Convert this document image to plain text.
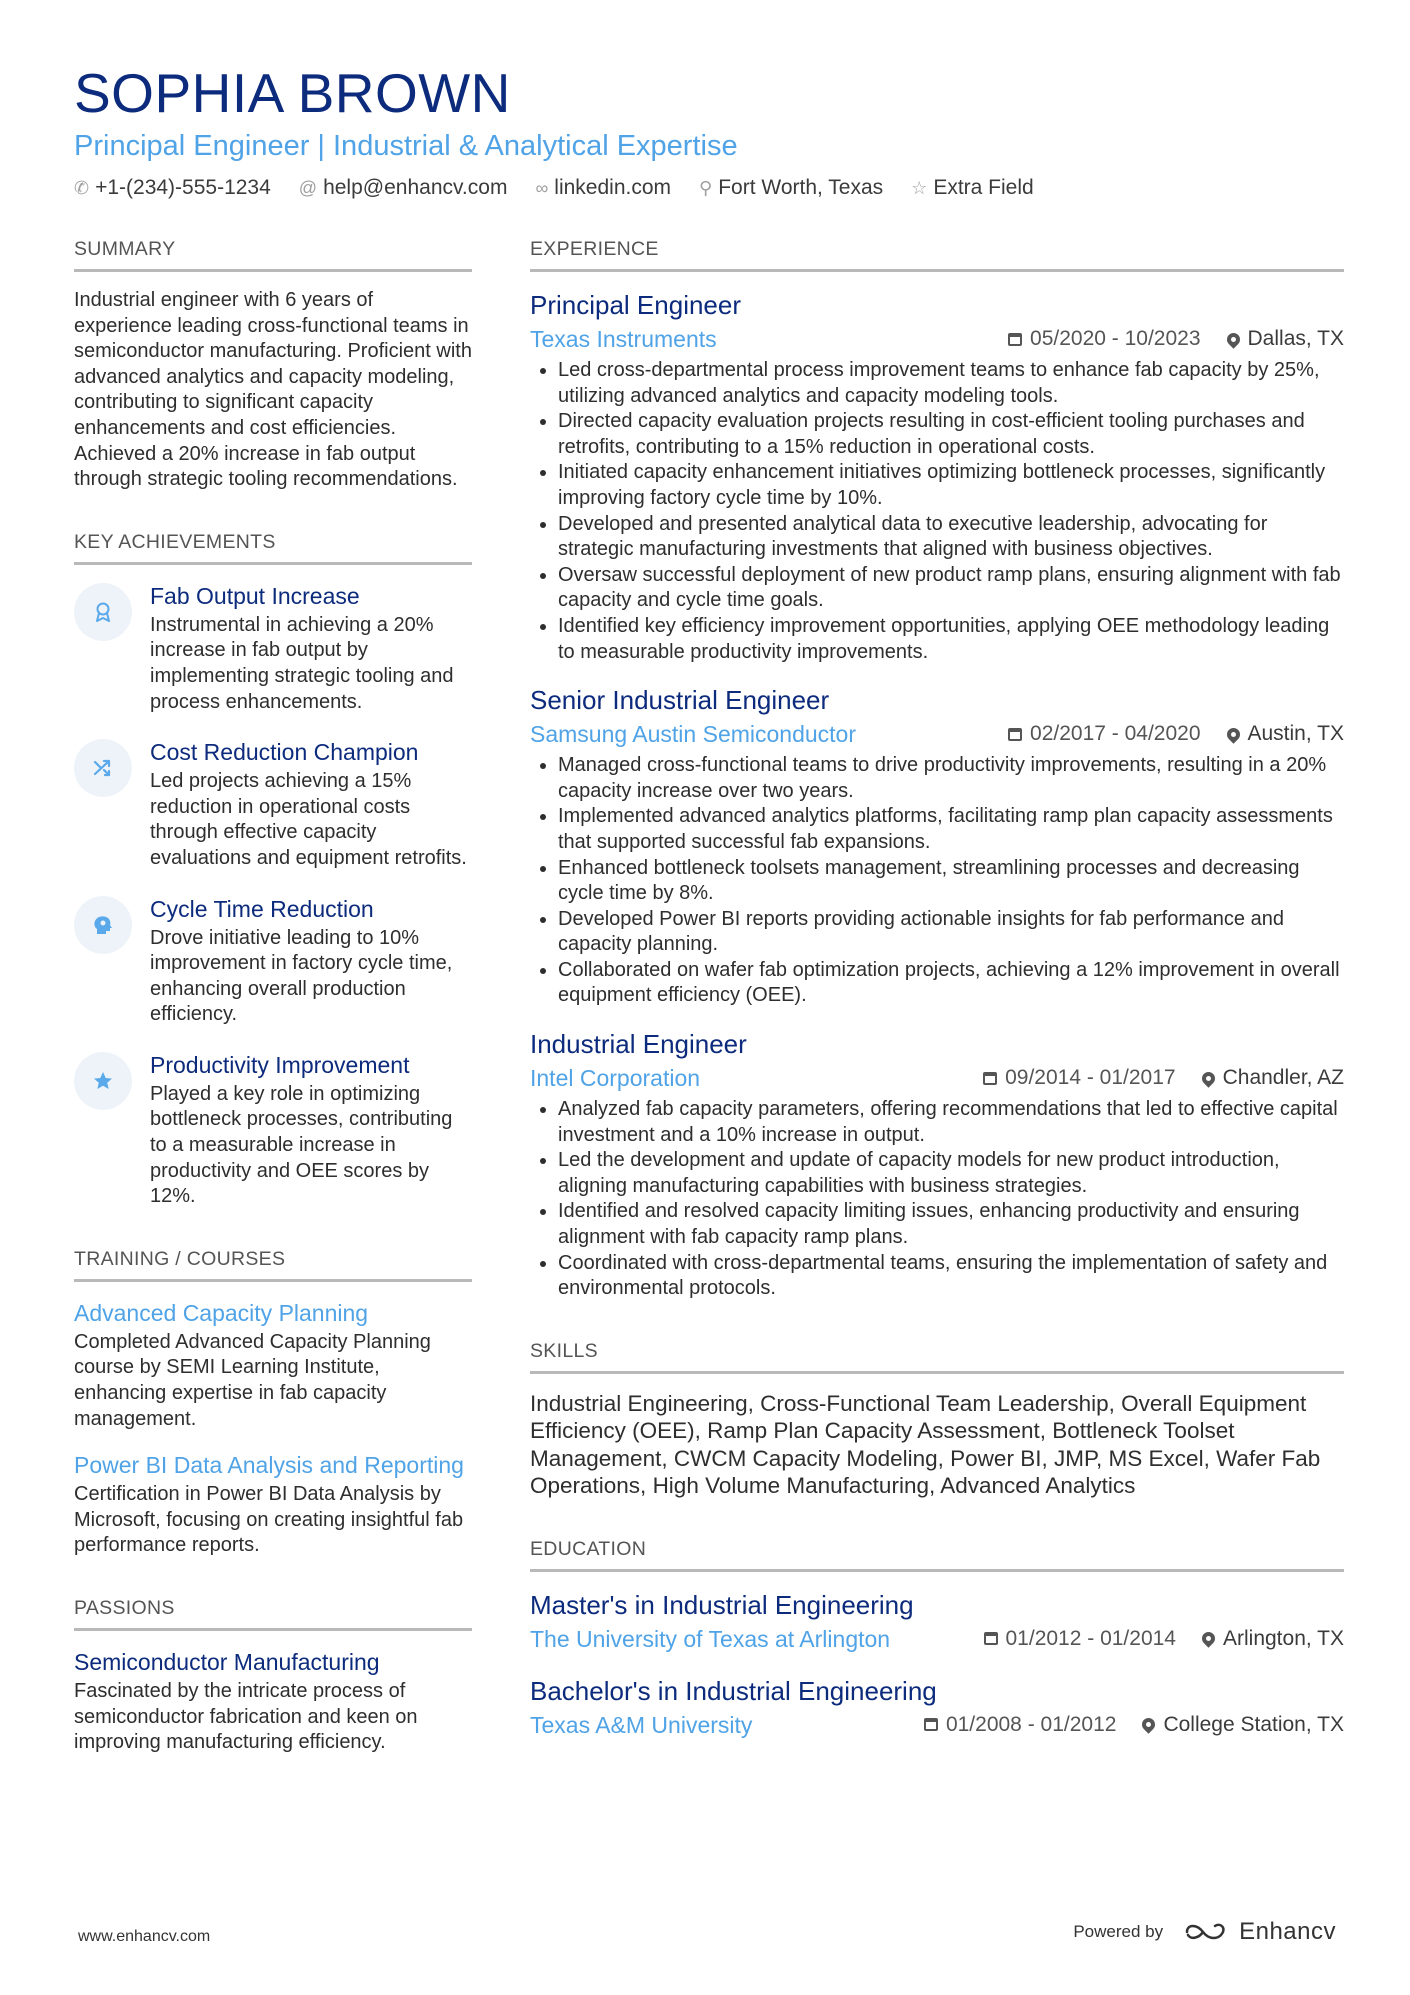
SOPHIA BROWN
Principal Engineer | Industrial & Analytical Expertise
✆ +1-(234)-555-1234 @ help@enhancv.com ∞ linkedin.com ⚲ Fort Worth, Texas ☆ Extra Field
SUMMARY
Industrial engineer with 6 years of experience leading cross-functional teams in semiconductor manufacturing. Proficient with advanced analytics and capacity modeling, contributing to significant capacity enhancements and cost efficiencies. Achieved a 20% increase in fab output through strategic tooling recommendations.
KEY ACHIEVEMENTS
Fab Output Increase
Instrumental in achieving a 20% increase in fab output by implementing strategic tooling and process enhancements.
Cost Reduction Champion
Led projects achieving a 15% reduction in operational costs through effective capacity evaluations and equipment retrofits.
Cycle Time Reduction
Drove initiative leading to 10% improvement in factory cycle time, enhancing overall production efficiency.
Productivity Improvement
Played a key role in optimizing bottleneck processes, contributing to a measurable increase in productivity and OEE scores by 12%.
TRAINING / COURSES
Advanced Capacity Planning
Completed Advanced Capacity Planning course by SEMI Learning Institute, enhancing expertise in fab capacity management.
Power BI Data Analysis and Reporting
Certification in Power BI Data Analysis by Microsoft, focusing on creating insightful fab performance reports.
PASSIONS
Semiconductor Manufacturing
Fascinated by the intricate process of semiconductor fabrication and keen on improving manufacturing efficiency.
EXPERIENCE
Principal Engineer
Texas Instruments	05/2020 - 10/2023 Dallas, TX
• Led cross-departmental process improvement teams to enhance fab capacity by 25%, utilizing advanced analytics and capacity modeling tools.
• Directed capacity evaluation projects resulting in cost-efficient tooling purchases and retrofits, contributing to a 15% reduction in operational costs.
• Initiated capacity enhancement initiatives optimizing bottleneck processes, significantly improving factory cycle time by 10%.
• Developed and presented analytical data to executive leadership, advocating for strategic manufacturing investments that aligned with business objectives.
• Oversaw successful deployment of new product ramp plans, ensuring alignment with fab capacity and cycle time goals.
• Identified key efficiency improvement opportunities, applying OEE methodology leading to measurable productivity improvements.
Senior Industrial Engineer
Samsung Austin Semiconductor	02/2017 - 04/2020 Austin, TX
• Managed cross-functional teams to drive productivity improvements, resulting in a 20% capacity increase over two years.
• Implemented advanced analytics platforms, facilitating ramp plan capacity assessments that supported successful fab expansions.
• Enhanced bottleneck toolsets management, streamlining processes and decreasing cycle time by 8%.
• Developed Power BI reports providing actionable insights for fab performance and capacity planning.
• Collaborated on wafer fab optimization projects, achieving a 12% improvement in overall equipment efficiency (OEE).
Industrial Engineer
Intel Corporation	09/2014 - 01/2017 Chandler, AZ
• Analyzed fab capacity parameters, offering recommendations that led to effective capital investment and a 10% increase in output.
• Led the development and update of capacity models for new product introduction, aligning manufacturing capabilities with business strategies.
• Identified and resolved capacity limiting issues, enhancing productivity and ensuring alignment with fab capacity ramp plans.
• Coordinated with cross-departmental teams, ensuring the implementation of safety and environmental protocols.
SKILLS
Industrial Engineering, Cross-Functional Team Leadership, Overall Equipment Efficiency (OEE), Ramp Plan Capacity Assessment, Bottleneck Toolset Management, CWCM Capacity Modeling, Power BI, JMP, MS Excel, Wafer Fab Operations, High Volume Manufacturing, Advanced Analytics
EDUCATION
Master's in Industrial Engineering
The University of Texas at Arlington	01/2012 - 01/2014 Arlington, TX
Bachelor's in Industrial Engineering
Texas A&M University	01/2008 - 01/2012 College Station, TX
www.enhancv.com	Powered by	Enhancv
